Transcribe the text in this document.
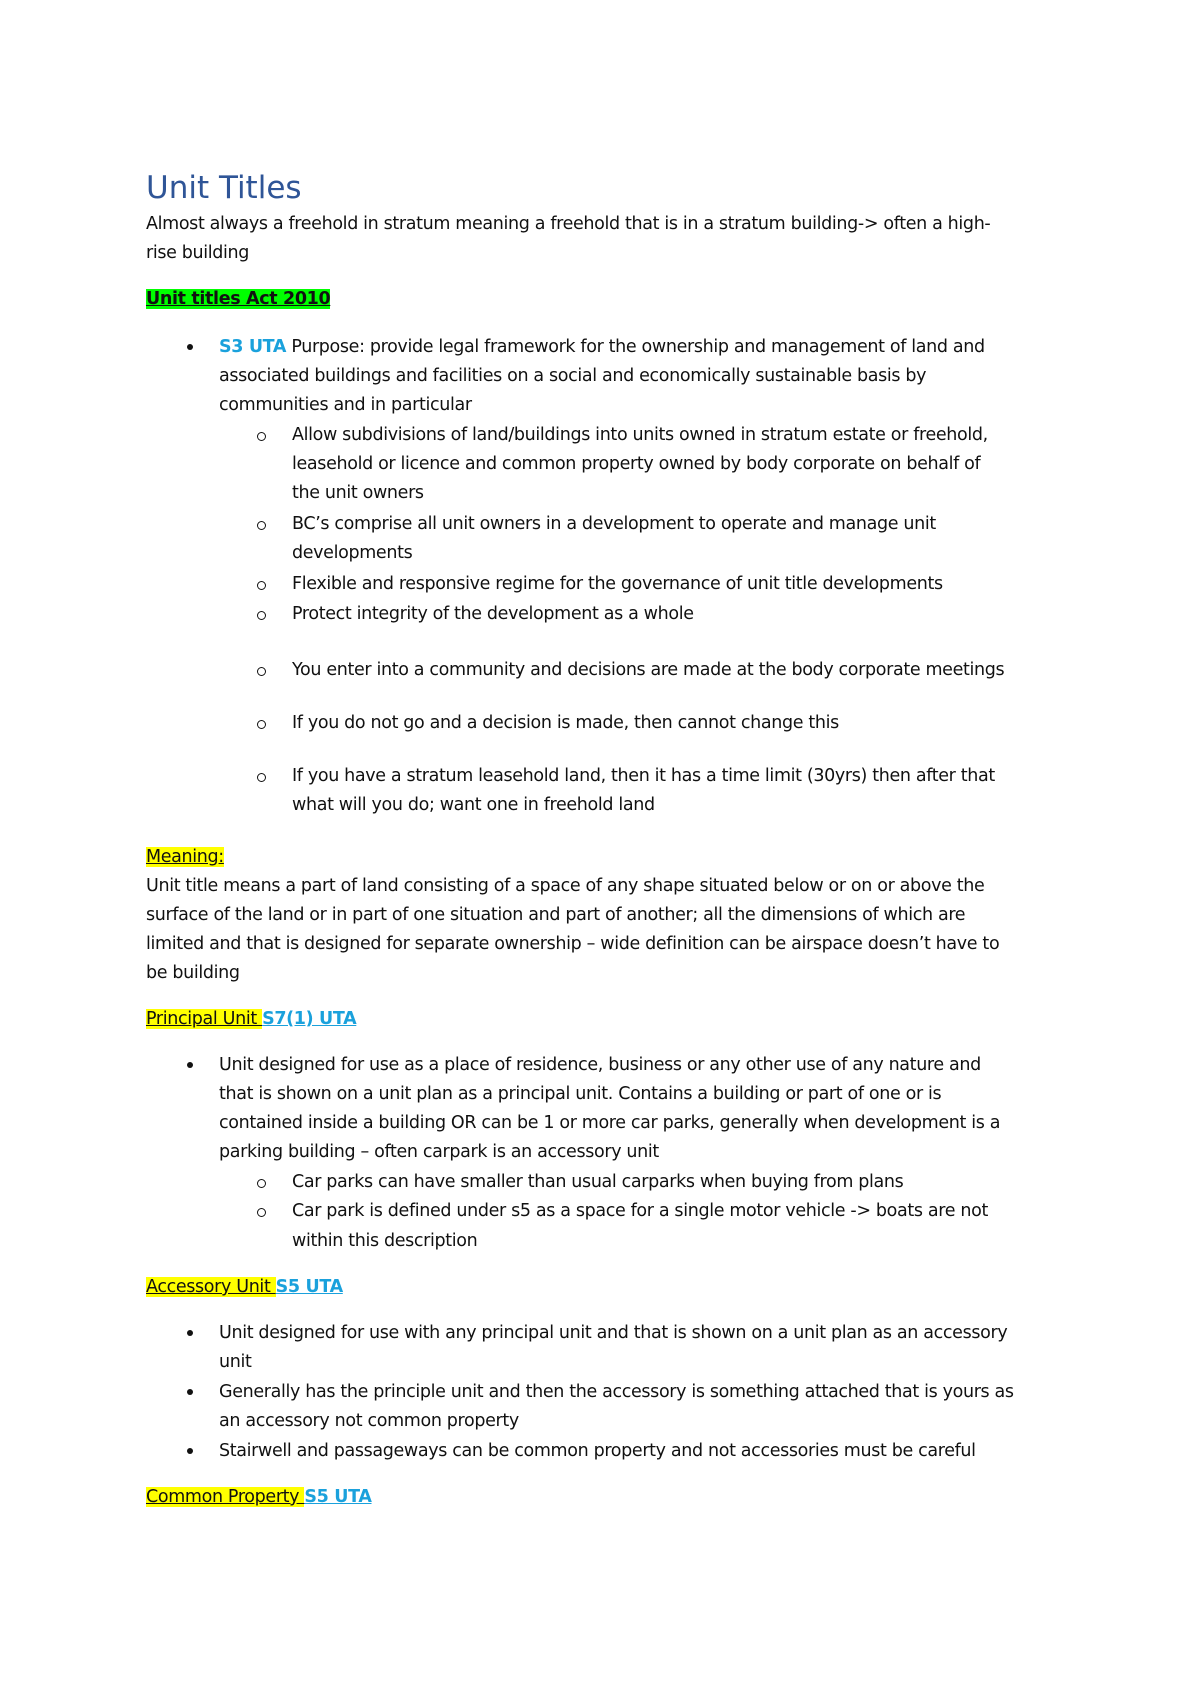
Unit Titles
Almost always a freehold in stratum meaning a freehold that is in a stratum building-> often a high-
rise building
Unit titles Act 2010
S3 UTA Purpose: provide legal framework for the ownership and management of land and
associated buildings and facilities on a social and economically sustainable basis by
communities and in particular
Allow subdivisions of land/buildings into units owned in stratum estate or freehold,
leasehold or licence and common property owned by body corporate on behalf of
the unit owners
BC’s comprise all unit owners in a development to operate and manage unit
developments
Flexible and responsive regime for the governance of unit title developments
Protect integrity of the development as a whole
You enter into a community and decisions are made at the body corporate meetings
If you do not go and a decision is made, then cannot change this
If you have a stratum leasehold land, then it has a time limit (30yrs) then after that
what will you do; want one in freehold land
Meaning:
Unit title means a part of land consisting of a space of any shape situated below or on or above the
surface of the land or in part of one situation and part of another; all the dimensions of which are
limited and that is designed for separate ownership – wide definition can be airspace doesn’t have to
be building
Principal Unit S7(1) UTA
Unit designed for use as a place of residence, business or any other use of any nature and
that is shown on a unit plan as a principal unit. Contains a building or part of one or is
contained inside a building OR can be 1 or more car parks, generally when development is a
parking building – often carpark is an accessory unit
Car parks can have smaller than usual carparks when buying from plans
Car park is defined under s5 as a space for a single motor vehicle -> boats are not
within this description
Accessory Unit S5 UTA
Unit designed for use with any principal unit and that is shown on a unit plan as an accessory
unit
Generally has the principle unit and then the accessory is something attached that is yours as
an accessory not common property
Stairwell and passageways can be common property and not accessories must be careful
Common Property S5 UTA
